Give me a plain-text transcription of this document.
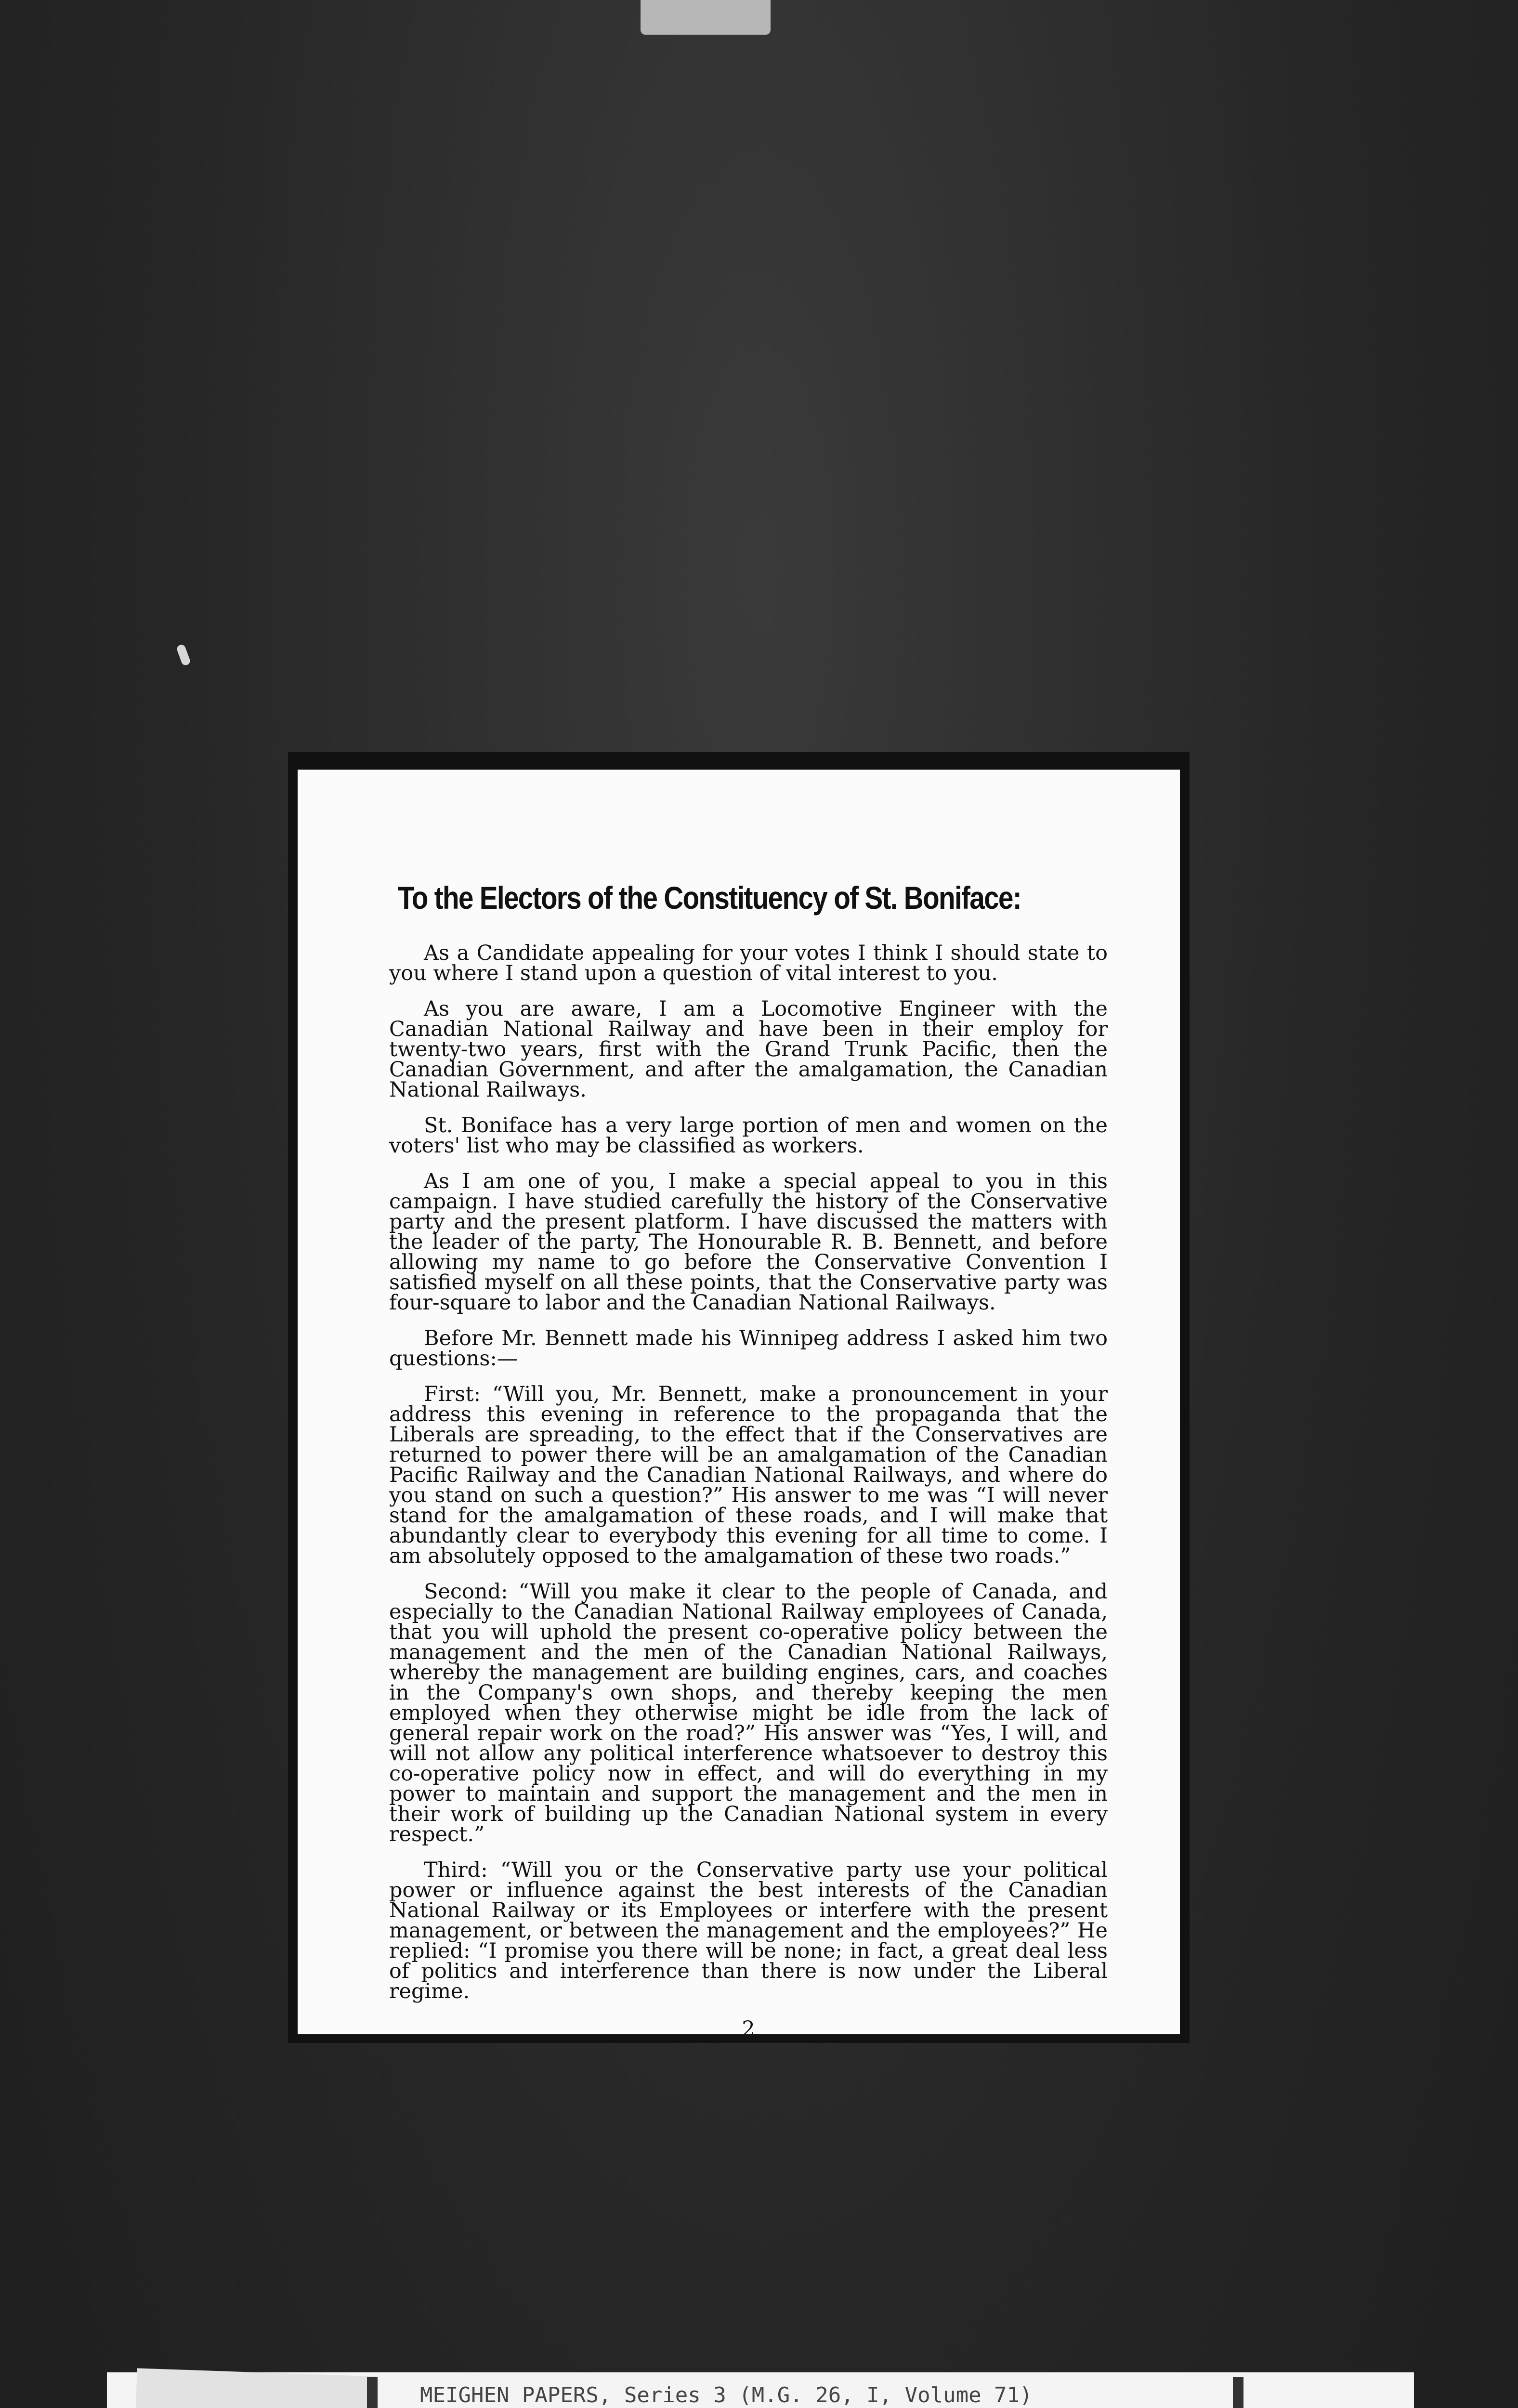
To the Electors of the Constituency of St. Boniface:

As a Candidate appealing for your votes I think I should state to you where I stand upon a question of vital interest to you.

As you are aware, I am a Locomotive Engineer with the Canadian National Railway and have been in their employ for twenty-two years, first with the Grand Trunk Pacific, then the Canadian Government, and after the amalgamation, the Canadian National Railways.

St. Boniface has a very large portion of men and women on the voters' list who may be classified as workers.

As I am one of you, I make a special appeal to you in this campaign. I have studied carefully the history of the Conservative party and the present platform. I have discussed the matters with the leader of the party, The Honourable R. B. Bennett, and before allowing my name to go before the Conservative Convention I satisfied myself on all these points, that the Conservative party was four-square to labor and the Canadian National Railways.

Before Mr. Bennett made his Winnipeg address I asked him two questions:—

First: “Will you, Mr. Bennett, make a pronouncement in your address this evening in reference to the propaganda that the Liberals are spreading, to the effect that if the Conservatives are returned to power there will be an amalgamation of the Canadian Pacific Railway and the Canadian National Railways, and where do you stand on such a question?” His answer to me was “I will never stand for the amalgamation of these roads, and I will make that abundantly clear to everybody this evening for all time to come. I am absolutely opposed to the amalgamation of these two roads.”

Second: “Will you make it clear to the people of Canada, and especially to the Canadian National Railway employees of Canada, that you will uphold the present co-operative policy between the management and the men of the Canadian National Railways, whereby the management are building engines, cars, and coaches in the Company's own shops, and thereby keeping the men employed when they otherwise might be idle from the lack of general repair work on the road?” His answer was “Yes, I will, and will not allow any political interference whatsoever to destroy this co-operative policy now in effect, and will do everything in my power to maintain and support the management and the men in their work of building up the Canadian National system in every respect.”

Third: “Will you or the Conservative party use your political power or influence against the best interests of the Canadian National Railway or its Employees or interfere with the present management, or between the management and the employees?” He replied: “I promise you there will be none; in fact, a great deal less of politics and interference than there is now under the Liberal regime.

2
MEIGHEN PAPERS, Series 3 (M.G. 26, I, Volume 71)
